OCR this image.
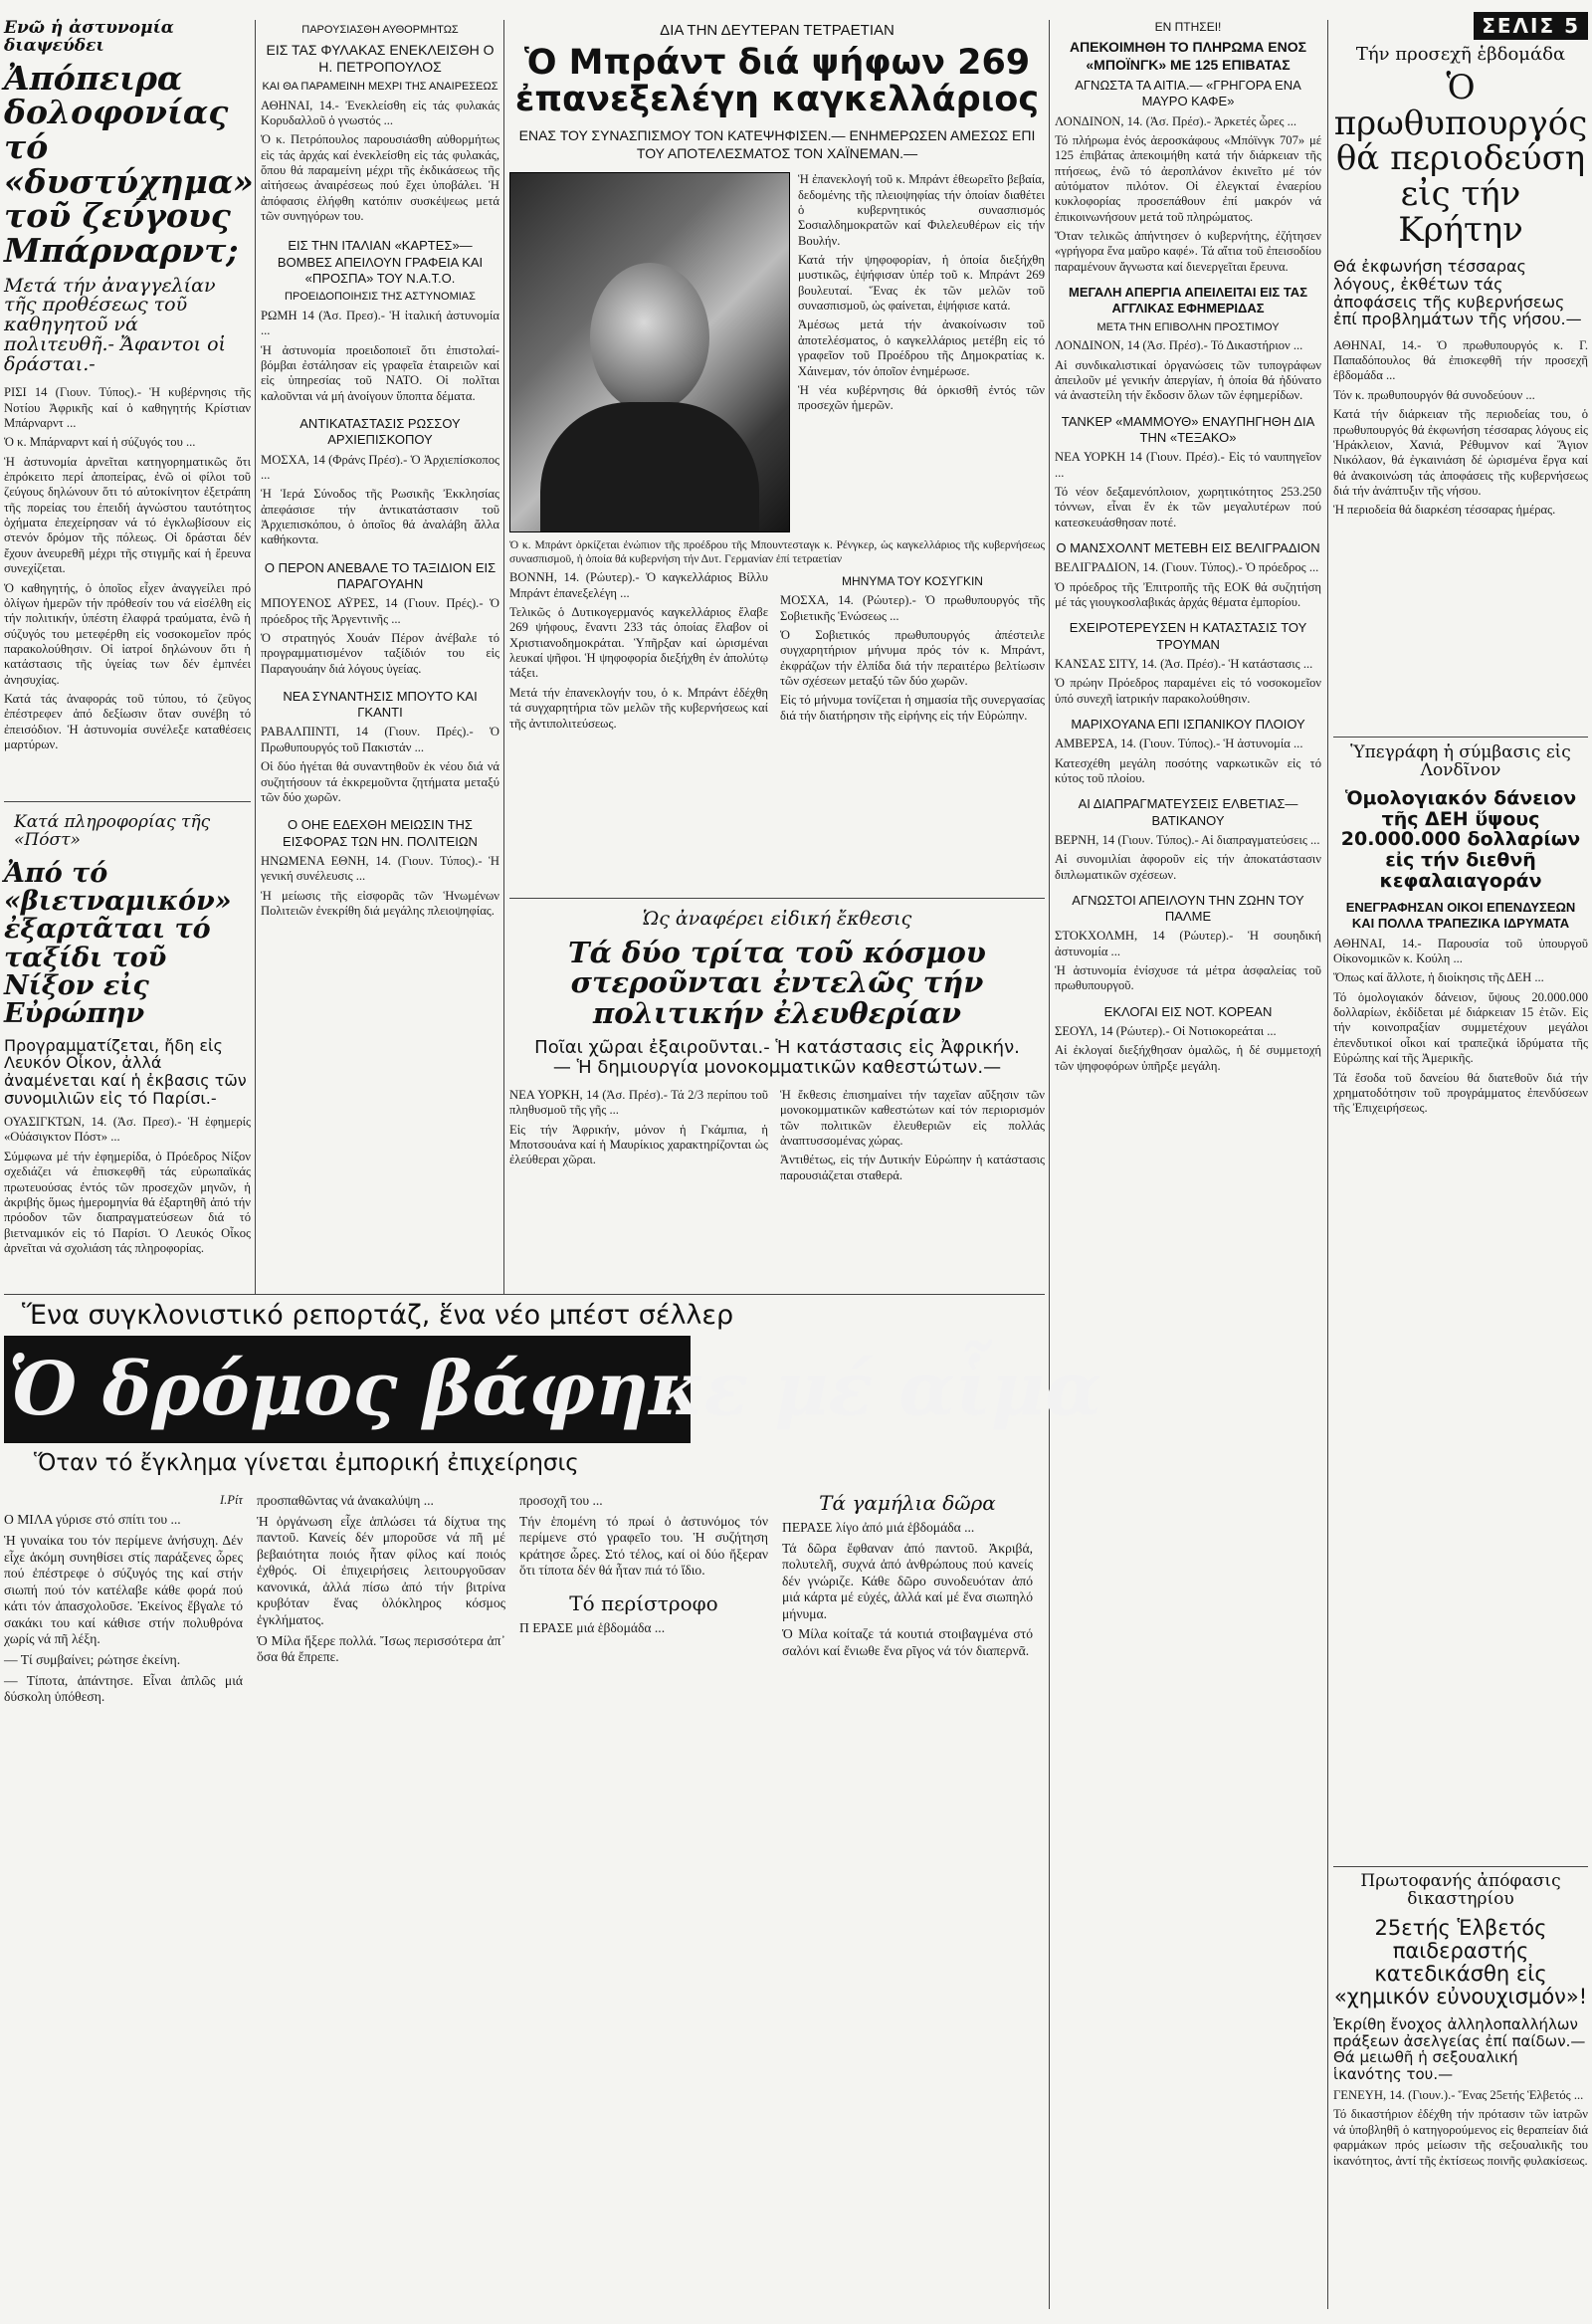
Ενῶ ἡ ἀστυνομία διαψεύδει

Ἀπόπειρα δολοφονίας τό «δυστύχημα» τοῦ ζεύγους Μπάρναρντ;

Μετά τήν ἀναγγελίαν τῆς προθέσεως τοῦ καθηγητοῦ νά πολιτευθῆ.- Ἄφαντοι οἱ δράσται.-

ΡΙΣΙ 14 (Γιουν. Τύπος).- Ἡ κυβέρνησις τῆς Νοτίου Ἀφρικῆς καί ὁ καθηγητής Κρίστιαν Μπάρναρντ ...

Ὁ κ. Μπάρναρντ καί ἡ σύζυγός του ...

Ἡ ἀστυνομία ἀρνεῖται κατηγορηματικῶς ὅτι ἐπρόκειτο περί ἀποπείρας, ἐνῶ οἱ φίλοι τοῦ ζεύγους δηλώνουν ὅτι τό αὐτοκίνητον ἐξετράπη τῆς πορείας του ἐπειδή ἀγνώστου ταυτότητος ὀχήματα ἐπεχείρησαν νά τό ἐγκλωβίσουν εἰς στενόν δρόμον τῆς πόλεως. Οἱ δράσται δέν ἔχουν ἀνευρεθῆ μέχρι τῆς στιγμῆς καί ἡ ἔρευνα συνεχίζεται.

Ὁ καθηγητής, ὁ ὁποῖος εἶχεν ἀναγγείλει πρό ὀλίγων ἡμερῶν τήν πρόθεσίν του νά εἰσέλθη εἰς τήν πολιτικήν, ὑπέστη ἐλαφρά τραύματα, ἐνῶ ἡ σύζυγός του μετεφέρθη εἰς νοσοκομεῖον πρός παρακολούθησιν. Οἱ ἰατροί δηλώνουν ὅτι ἡ κατάστασις τῆς ὑγείας των δέν ἐμπνέει ἀνησυχίας.

Κατά τάς ἀναφοράς τοῦ τύπου, τό ζεῦγος ἐπέστρεφεν ἀπό δεξίωσιν ὅταν συνέβη τό ἐπεισόδιον. Ἡ ἀστυνομία συνέλεξε καταθέσεις μαρτύρων.

Κατά πληροφορίας τῆς «Πόστ»

Ἀπό τό «βιετναμικόν» ἐξαρτᾶται τό ταξίδι τοῦ Νίξον εἰς Εὐρώπην

Προγραμματίζεται, ἤδη εἰς Λευκόν Οἶκον, ἀλλά ἀναμένεται καί ἡ ἐκβασις τῶν συνομιλιῶν εἰς τό Παρίσι.-

ΟΥΑΣΙΓΚΤΩΝ, 14. (Ἀσ. Πρεσ).- Ἡ ἐφημερίς «Οὐάσιγκτον Πόστ» ...

Σύμφωνα μέ τήν ἐφημερίδα, ὁ Πρόεδρος Νίξον σχεδιάζει νά ἐπισκεφθῆ τάς εὐρωπαϊκάς πρωτευούσας ἐντός τῶν προσεχῶν μηνῶν, ἡ ἀκριβής ὅμως ἡμερομηνία θά ἐξαρτηθῆ ἀπό τήν πρόοδον τῶν διαπραγματεύσεων διά τό βιετναμικόν εἰς τό Παρίσι. Ὁ Λευκός Οἶκος ἀρνεῖται νά σχολιάση τάς πληροφορίας.

ΠΑΡΟΥΣΙΑΣΘΗ ΑΥΘΟΡΜΗΤΩΣ
ΕΙΣ ΤΑΣ ΦΥΛΑΚΑΣ ΕΝΕΚΛΕΙΣΘΗ Ο Η. ΠΕΤΡΟΠΟΥΛΟΣ
ΚΑΙ ΘΑ ΠΑΡΑΜΕΙΝΗ ΜΕΧΡΙ ΤΗΣ ΑΝΑΙΡΕΣΕΩΣ

ΑΘΗΝΑΙ, 14.- Ἐνεκλείσθη εἰς τάς φυλακάς Κορυδαλλοῦ ὁ γνωστός ...

Ὁ κ. Πετρόπουλος παρουσιάσθη αὐθορμήτως εἰς τάς ἀρχάς καί ἐνεκλείσθη εἰς τάς φυλακάς, ὅπου θά παραμείνη μέχρι τῆς ἐκδικάσεως τῆς αἰτήσεως ἀναιρέσεως πού ἔχει ὑποβάλει. Ἡ ἀπόφασις ἐλήφθη κατόπιν συσκέψεως μετά τῶν συνηγόρων του.

ΕΙΣ ΤΗΝ ΙΤΑΛΙΑΝ «ΚΑΡΤΕΣ»—ΒΟΜΒΕΣ ΑΠΕΙΛΟΥΝ ΓΡΑΦΕΙΑ ΚΑΙ «ΠΡΟΣΠΑ» ΤΟΥ Ν.Α.Τ.Ο.
ΠΡΟΕΙΔΟΠΟΙΗΣΙΣ ΤΗΣ ΑΣΤΥΝΟΜΙΑΣ

ΡΩΜΗ 14 (Ἀσ. Πρεσ).- Ἡ ἰταλική ἀστυνομία ...

Ἡ ἀστυνομία προειδοποιεῖ ὅτι ἐπιστολαί-βόμβαι ἐστάλησαν εἰς γραφεῖα ἑταιρειῶν καί εἰς ὑπηρεσίας τοῦ ΝΑΤΟ. Οἱ πολῖται καλοῦνται νά μή ἀνοίγουν ὕποπτα δέματα.

ΑΝΤΙΚΑΤΑΣΤΑΣΙΣ ΡΩΣΣΟΥ ΑΡΧΙΕΠΙΣΚΟΠΟΥ

ΜΟΣΧΑ, 14 (Φράνς Πρέσ).- Ὁ Ἀρχιεπίσκοπος ...

Ἡ Ἱερά Σύνοδος τῆς Ρωσικῆς Ἐκκλησίας ἀπεφάσισε τήν ἀντικατάστασιν τοῦ Ἀρχιεπισκόπου, ὁ ὁποῖος θά ἀναλάβη ἄλλα καθήκοντα.

Ο ΠΕΡΟΝ ΑΝΕΒΑΛΕ ΤΟ ΤΑΞΙΔΙΟΝ ΕΙΣ ΠΑΡΑΓΟΥΑΗΝ

ΜΠΟΥΕΝΟΣ ΑΫΡΕΣ, 14 (Γιουν. Πρές).- Ὁ πρόεδρος τῆς Ἀργεντινῆς ...

Ὁ στρατηγός Χουάν Πέρον ἀνέβαλε τό προγραμματισμένον ταξίδιόν του εἰς Παραγουάην διά λόγους ὑγείας.

ΝΕΑ ΣΥΝΑΝΤΗΣΙΣ ΜΠΟΥΤΟ ΚΑΙ ΓΚΑΝΤΙ

ΡΑΒΑΛΠΙΝΤΙ, 14 (Γιουν. Πρές).- Ὁ Πρωθυπουργός τοῦ Πακιστάν ...

Οἱ δύο ἡγέται θά συναντηθοῦν ἐκ νέου διά νά συζητήσουν τά ἐκκρεμοῦντα ζητήματα μεταξύ τῶν δύο χωρῶν.

Ο ΟΗΕ ΕΔΕΧΘΗ ΜΕΙΩΣΙΝ ΤΗΣ ΕΙΣΦΟΡΑΣ ΤΩΝ ΗΝ. ΠΟΛΙΤΕΙΩΝ

ΗΝΩΜΕΝΑ ΕΘΝΗ, 14. (Γιουν. Τύπος).- Ἡ γενική συνέλευσις ...

Ἡ μείωσις τῆς εἰσφορᾶς τῶν Ἡνωμένων Πολιτειῶν ἐνεκρίθη διά μεγάλης πλειοψηφίας.

ΔΙΑ ΤΗΝ ΔΕΥΤΕΡΑΝ ΤΕΤΡΑΕΤΙΑΝ
Ὁ Μπράντ διά ψήφων 269 ἐπανεξελέγη καγκελλάριος
ΕΝΑΣ ΤΟΥ ΣΥΝΑΣΠΙΣΜΟΥ ΤΟΝ ΚΑΤΕΨΗΦΙΣΕΝ.— ΕΝΗΜΕΡΩΣΕΝ ΑΜΕΣΩΣ ΕΠΙ ΤΟΥ ΑΠΟΤΕΛΕΣΜΑΤΟΣ ΤΟΝ ΧΑΪΝΕΜΑΝ.—

Ἡ ἐπανεκλογή τοῦ κ. Μπράντ ἐθεωρεῖτο βεβαία, δεδομένης τῆς πλειοψηφίας τήν ὁποίαν διαθέτει ὁ κυβερνητικός συνασπισμός Σοσιαλδημοκρατῶν καί Φιλελευθέρων εἰς τήν Βουλήν.

Κατά τήν ψηφοφορίαν, ἡ ὁποία διεξήχθη μυστικῶς, ἐψήφισαν ὑπέρ τοῦ κ. Μπράντ 269 βουλευταί. Ἕνας ἐκ τῶν μελῶν τοῦ συνασπισμοῦ, ὡς φαίνεται, ἐψήφισε κατά.

Ἀμέσως μετά τήν ἀνακοίνωσιν τοῦ ἀποτελέσματος, ὁ καγκελλάριος μετέβη εἰς τό γραφεῖον τοῦ Προέδρου τῆς Δημοκρατίας κ. Χάινεμαν, τόν ὁποῖον ἐνημέρωσε.

Ἡ νέα κυβέρνησις θά ὁρκισθῆ ἐντός τῶν προσεχῶν ἡμερῶν.

Ὁ κ. Μπράντ ὁρκίζεται ἐνώπιον τῆς προέδρου τῆς Μπουντεσταγκ κ. Ρένγκερ, ὡς καγκελλάριος τῆς κυβερνήσεως συνασπισμοῦ, ἡ ὁποία θά κυβερνήση τήν Δυτ. Γερμανίαν ἐπί τετραετίαν

ΒΟΝΝΗ, 14. (Ρώυτερ).- Ὁ καγκελλάριος Βίλλυ Μπράντ ἐπανεξελέγη ...

Τελικῶς ὁ Δυτικογερμανός καγκελλάριος ἔλαβε 269 ψήφους, ἔναντι 233 τάς ὁποίας ἔλαβον οἱ Χριστιανοδημοκράται. Ὑπῆρξαν καί ὡρισμέναι λευκαί ψῆφοι. Ἡ ψηφοφορία διεξήχθη ἐν ἀπολύτῳ τάξει.

Μετά τήν ἐπανεκλογήν του, ὁ κ. Μπράντ ἐδέχθη τά συγχαρητήρια τῶν μελῶν τῆς κυβερνήσεως καί τῆς ἀντιπολιτεύσεως.

ΜΗΝΥΜΑ ΤΟΥ ΚΟΣΥΓΚΙΝ

ΜΟΣΧΑ, 14. (Ρώυτερ).- Ὁ πρωθυπουργός τῆς Σοβιετικῆς Ἑνώσεως ...

Ὁ Σοβιετικός πρωθυπουργός ἀπέστειλε συγχαρητήριον μήνυμα πρός τόν κ. Μπράντ, ἐκφράζων τήν ἐλπίδα διά τήν περαιτέρω βελτίωσιν τῶν σχέσεων μεταξύ τῶν δύο χωρῶν.

Εἰς τό μήνυμα τονίζεται ἡ σημασία τῆς συνεργασίας διά τήν διατήρησιν τῆς εἰρήνης εἰς τήν Εὐρώπην.

Ὡς ἀναφέρει εἰδική ἔκθεσις

Τά δύο τρίτα τοῦ κόσμου στεροῦνται ἐντελῶς τήν πολιτικήν ἐλευθερίαν

Ποῖαι χῶραι ἐξαιροῦνται.- Ἡ κατάστασις εἰς Ἀφρικήν.— Ἡ δημιουργία μονοκομματικῶν καθεστώτων.—

ΝΕΑ ΥΟΡΚΗ, 14 (Ἀσ. Πρέσ).- Τά 2/3 περίπου τοῦ πληθυσμοῦ τῆς γῆς ...

Εἰς τήν Ἀφρικήν, μόνον ἡ Γκάμπια, ἡ Μποτσουάνα καί ἡ Μαυρίκιος χαρακτηρίζονται ὡς ἐλεύθεραι χῶραι.

Ἡ ἔκθεσις ἐπισημαίνει τήν ταχεῖαν αὔξησιν τῶν μονοκομματικῶν καθεστώτων καί τόν περιορισμόν τῶν πολιτικῶν ἐλευθεριῶν εἰς πολλάς ἀναπτυσσομένας χώρας.

Ἀντιθέτως, εἰς τήν Δυτικήν Εὐρώπην ἡ κατάστασις παρουσιάζεται σταθερά.

ΕΝ ΠΤΗΣΕΙ!
ΑΠΕΚΟΙΜΗΘΗ ΤΟ ΠΛΗΡΩΜΑ ΕΝΟΣ «ΜΠΟΪΝΓΚ» ΜΕ 125 ΕΠΙΒΑΤΑΣ
ΑΓΝΩΣΤΑ ΤΑ ΑΙΤΙΑ.— «ΓΡΗΓΟΡΑ ΕΝΑ ΜΑΥΡΟ ΚΑΦΕ»

ΛΟΝΔΙΝΟΝ, 14. (Ἀσ. Πρέσ).- Ἀρκετές ὧρες ...

Τό πλήρωμα ἑνός ἀεροσκάφους «Μπόϊνγκ 707» μέ 125 ἐπιβάτας ἀπεκοιμήθη κατά τήν διάρκειαν τῆς πτήσεως, ἐνῶ τό ἀεροπλάνον ἐκινεῖτο μέ τόν αὐτόματον πιλότον. Οἱ ἐλεγκταί ἐναερίου κυκλοφορίας προσεπάθουν ἐπί μακρόν νά ἐπικοινωνήσουν μετά τοῦ πληρώματος.

Ὅταν τελικῶς ἀπήντησεν ὁ κυβερνήτης, ἐζήτησεν «γρήγορα ἕνα μαῦρο καφέ». Τά αἴτια τοῦ ἐπεισοδίου παραμένουν ἄγνωστα καί διενεργεῖται ἔρευνα.

ΜΕΓΑΛΗ ΑΠΕΡΓΙΑ ΑΠΕΙΛΕΙΤΑΙ ΕΙΣ ΤΑΣ ΑΓΓΛΙΚΑΣ ΕΦΗΜΕΡΙΔΑΣ
ΜΕΤΑ ΤΗΝ ΕΠΙΒΟΛΗΝ ΠΡΟΣΤΙΜΟΥ

ΛΟΝΔΙΝΟΝ, 14 (Ἀσ. Πρέσ).- Τό Δικαστήριον ...

Αἱ συνδικαλιστικαί ὀργανώσεις τῶν τυπογράφων ἀπειλοῦν μέ γενικήν ἀπεργίαν, ἡ ὁποία θά ἠδύνατο νά ἀναστείλη τήν ἔκδοσιν ὅλων τῶν ἐφημερίδων.

ΤΑΝΚΕΡ «ΜΑΜΜΟΥΘ» ΕΝΑΥΠΗΓΗΘΗ ΔΙΑ ΤΗΝ «ΤΕΞΑΚΟ»

ΝΕΑ ΥΟΡΚΗ 14 (Γιουν. Πρέσ).- Εἰς τό ναυπηγεῖον ...

Τό νέον δεξαμενόπλοιον, χωρητικότητος 253.250 τόννων, εἶναι ἕν ἐκ τῶν μεγαλυτέρων πού κατεσκευάσθησαν ποτέ.

Ο ΜΑΝΣΧΟΛΝΤ ΜΕΤΕΒΗ ΕΙΣ ΒΕΛΙΓΡΑΔΙΟΝ

ΒΕΛΙΓΡΑΔΙΟΝ, 14. (Γιουν. Τύπος).- Ὁ πρόεδρος ...

Ὁ πρόεδρος τῆς Ἐπιτροπῆς τῆς ΕΟΚ θά συζητήση μέ τάς γιουγκοσλαβικάς ἀρχάς θέματα ἐμπορίου.

ΕΧΕΙΡΟΤΕΡΕΥΣΕΝ Η ΚΑΤΑΣΤΑΣΙΣ ΤΟΥ ΤΡΟΥΜΑΝ

ΚΑΝΣΑΣ ΣΙΤΥ, 14. (Ἀσ. Πρέσ).- Ἡ κατάστασις ...

Ὁ πρώην Πρόεδρος παραμένει εἰς τό νοσοκομεῖον ὑπό συνεχῆ ἰατρικήν παρακολούθησιν.

ΜΑΡΙΧΟΥΑΝΑ ΕΠΙ ΙΣΠΑΝΙΚΟΥ ΠΛΟΙΟΥ

ΑΜΒΕΡΣΑ, 14. (Γιουν. Τύπος).- Ἡ ἀστυνομία ...

Κατεσχέθη μεγάλη ποσότης ναρκωτικῶν εἰς τό κύτος τοῦ πλοίου.

ΑΙ ΔΙΑΠΡΑΓΜΑΤΕΥΣΕΙΣ ΕΛΒΕΤΙΑΣ—ΒΑΤΙΚΑΝΟΥ

ΒΕΡΝΗ, 14 (Γιουν. Τύπος).- Αἱ διαπραγματεύσεις ...

Αἱ συνομιλίαι ἀφοροῦν εἰς τήν ἀποκατάστασιν διπλωματικῶν σχέσεων.

ΑΓΝΩΣΤΟΙ ΑΠΕΙΛΟΥΝ ΤΗΝ ΖΩΗΝ ΤΟΥ ΠΑΛΜΕ

ΣΤΟΚΧΟΛΜΗ, 14 (Ρώυτερ).- Ἡ σουηδική ἀστυνομία ...

Ἡ ἀστυνομία ἐνίσχυσε τά μέτρα ἀσφαλείας τοῦ πρωθυπουργοῦ.

ΕΚΛΟΓΑΙ ΕΙΣ ΝΟΤ. ΚΟΡΕΑΝ

ΣΕΟΥΛ, 14 (Ρώυτερ).- Οἱ Νοτιοκορεάται ...

Αἱ ἐκλογαί διεξήχθησαν ὁμαλῶς, ἡ δέ συμμετοχή τῶν ψηφοφόρων ὑπῆρξε μεγάλη.

ΣΕΛΙΣ 5

Τήν προσεχῆ ἑβδομάδα

Ὁ πρωθυπουργός θά περιοδεύση εἰς τήν Κρήτην

Θά ἐκφωνήση τέσσαρας λόγους, ἐκθέτων τάς ἀποφάσεις τῆς κυβερνήσεως ἐπί προβλημάτων τῆς νήσου.—

ΑΘΗΝΑΙ, 14.- Ὁ πρωθυπουργός κ. Γ. Παπαδόπουλος θά ἐπισκεφθῆ τήν προσεχῆ ἑβδομάδα ...

Τόν κ. πρωθυπουργόν θά συνοδεύουν ...

Κατά τήν διάρκειαν τῆς περιοδείας του, ὁ πρωθυπουργός θά ἐκφωνήση τέσσαρας λόγους εἰς Ἡράκλειον, Χανιά, Ρέθυμνον καί Ἅγιον Νικόλαον, θά ἐγκαινιάση δέ ὡρισμένα ἔργα καί θά ἀνακοινώση τάς ἀποφάσεις τῆς κυβερνήσεως διά τήν ἀνάπτυξιν τῆς νήσου.

Ἡ περιοδεία θά διαρκέση τέσσαρας ἡμέρας.

Ὑπεγράφη ἡ σύμβασις εἰς Λονδῖνον

Ὁμολογιακόν δάνειον τῆς ΔΕΗ ὕψους 20.000.000 δολλαρίων εἰς τήν διεθνῆ κεφαλαιαγοράν
ΕΝΕΓΡΑΦΗΣΑΝ ΟΙΚΟΙ ΕΠΕΝΔΥΣΕΩΝ ΚΑΙ ΠΟΛΛΑ ΤΡΑΠΕΖΙΚΑ ΙΔΡΥΜΑΤΑ

ΑΘΗΝΑΙ, 14.- Παρουσία τοῦ ὑπουργοῦ Οἰκονομικῶν κ. Κούλη ...

Ὅπως καί ἄλλοτε, ἡ διοίκησις τῆς ΔΕΗ ...

Τό ὁμολογιακόν δάνειον, ὕψους 20.000.000 δολλαρίων, ἐκδίδεται μέ διάρκειαν 15 ἐτῶν. Εἰς τήν κοινοπραξίαν συμμετέχουν μεγάλοι ἐπενδυτικοί οἶκοι καί τραπεζικά ἱδρύματα τῆς Εὐρώπης καί τῆς Ἀμερικῆς.

Τά ἔσοδα τοῦ δανείου θά διατεθοῦν διά τήν χρηματοδότησιν τοῦ προγράμματος ἐπενδύσεων τῆς Ἐπιχειρήσεως.

Πρωτοφανής ἀπόφασις δικαστηρίου

25ετής Ἑλβετός παιδεραστής κατεδικάσθη εἰς «χημικόν εὐνουχισμόν»!

Ἐκρίθη ἔνοχος ἀλληλοπαλλήλων πράξεων ἀσελγείας ἐπί παίδων.— Θά μειωθῆ ἡ σεξουαλική ἱκανότης του.—

ΓΕΝΕΥΗ, 14. (Γιουν.).- Ἕνας 25ετής Ἑλβετός ...

Τό δικαστήριον ἐδέχθη τήν πρότασιν τῶν ἰατρῶν νά ὑποβληθῆ ὁ κατηγορούμενος εἰς θεραπείαν διά φαρμάκων πρός μείωσιν τῆς σεξουαλικῆς του ἱκανότητος, ἀντί τῆς ἐκτίσεως ποινῆς φυλακίσεως.

Ἕνα συγκλονιστικό ρεπορτάζ, ἕνα νέο μπέστ σέλλερ

Ὁ δρόμος βάφηκε μέ αἷμα

Ὅταν τό ἔγκλημα γίνεται ἐμπορική ἐπιχείρησις

Ι.Ρίτ

Ο ΜΙΛΑ γύρισε στό σπίτι του ...

Ἡ γυναίκα του τόν περίμενε ἀνήσυχη. Δέν εἶχε ἀκόμη συνηθίσει στίς παράξενες ὧρες πού ἐπέστρεφε ὁ σύζυγός της καί στήν σιωπή πού τόν κατέλαβε κάθε φορά πού κάτι τόν ἀπασχολοῦσε. Ἐκείνος ἔβγαλε τό σακάκι του καί κάθισε στήν πολυθρόνα χωρίς νά πῆ λέξη.

— Τί συμβαίνει; ρώτησε ἐκείνη.

— Τίποτα, ἀπάντησε. Εἶναι ἀπλῶς μιά δύσκολη ὑπόθεση.

προσπαθῶντας νά ἀνακαλύψη ...

Ἡ ὀργάνωση εἶχε ἁπλώσει τά δίχτυα της παντοῦ. Κανείς δέν μποροῦσε νά πῆ μέ βεβαιότητα ποιός ἦταν φίλος καί ποιός ἐχθρός. Οἱ ἐπιχειρήσεις λειτουργοῦσαν κανονικά, ἀλλά πίσω ἀπό τήν βιτρίνα κρυβόταν ἕνας ὁλόκληρος κόσμος ἐγκλήματος.

Ὁ Μίλα ἤξερε πολλά. Ἴσως περισσότερα ἀπ᾽ ὅσα θά ἔπρεπε.

προσοχῆ του ...

Τήν ἑπομένη τό πρωί ὁ ἀστυνόμος τόν περίμενε στό γραφεῖο του. Ἡ συζήτηση κράτησε ὧρες. Στό τέλος, καί οἱ δύο ἤξεραν ὅτι τίποτα δέν θά ἦταν πιά τό ἴδιο.

Τό περίστροφο

Π ΕΡΑΣΕ μιά ἑβδομάδα ...

Τά γαμήλια δῶρα

ΠΕΡΑΣΕ λίγο ἀπό μιά ἑβδομάδα ...

Τά δῶρα ἔφθαναν ἀπό παντοῦ. Ἀκριβά, πολυτελῆ, συχνά ἀπό ἀνθρώπους πού κανείς δέν γνώριζε. Κάθε δῶρο συνοδευόταν ἀπό μιά κάρτα μέ εὐχές, ἀλλά καί μέ ἕνα σιωπηλό μήνυμα.

Ὁ Μίλα κοίταζε τά κουτιά στοιβαγμένα στό σαλόνι καί ἔνιωθε ἕνα ρῖγος νά τόν διαπερνᾶ.
